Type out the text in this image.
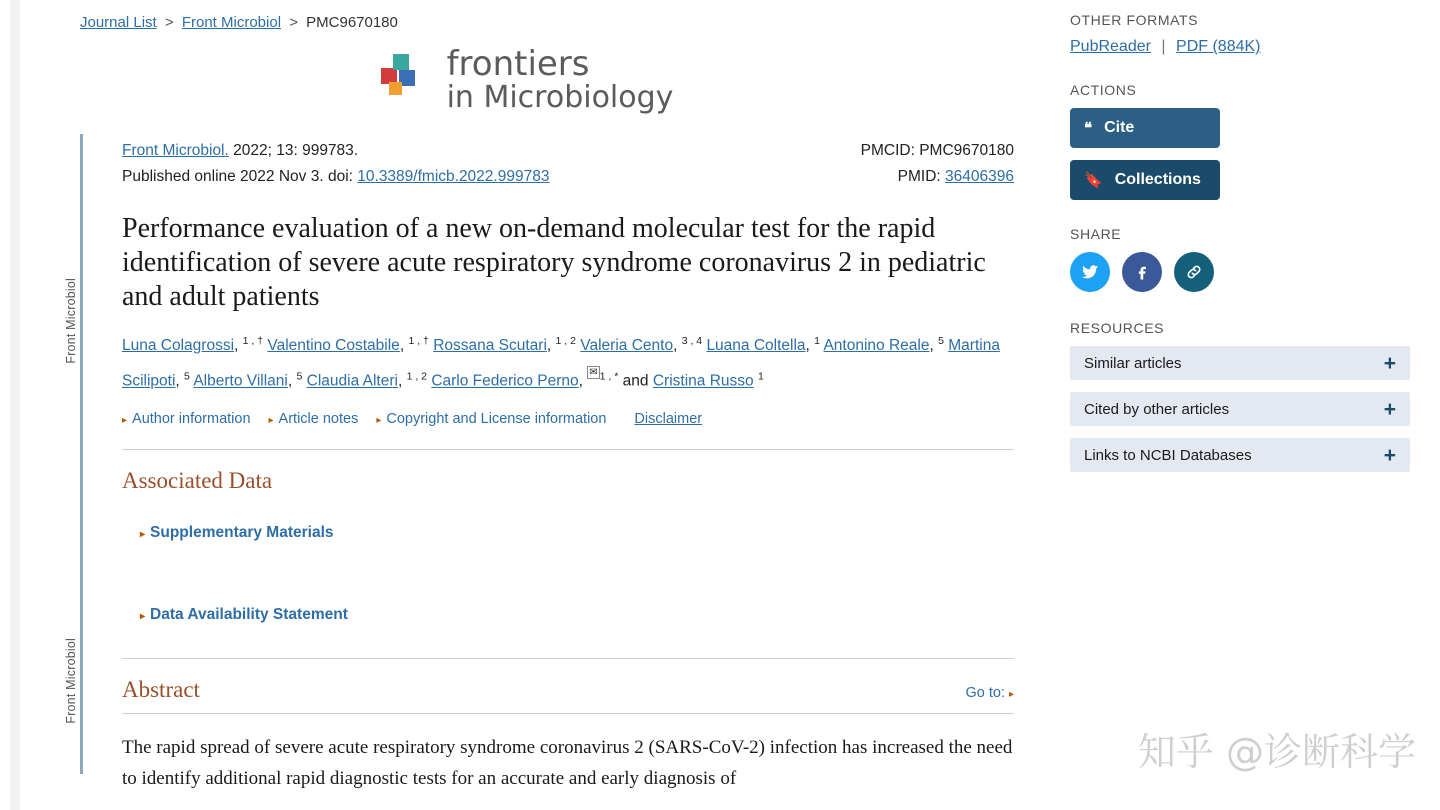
Journal List > Front Microbiol > PMC9670180
frontiers
in Microbiology
Front Microbiol
Front Microbiol
Front Microbiol. 2022; 13: 999783.	PMCID: PMC9670180
Published online 2022 Nov 3. doi: 10.3389/fmicb.2022.999783	PMID: 36406396
Performance evaluation of a new on-demand molecular test for the rapid identification of severe acute respiratory syndrome coronavirus 2 in pediatric and adult patients
Luna Colagrossi, $^{1 , \dagger}$ Valentino Costabile, $^{1 , \dagger}$ Rossana Scutari, $^{1 , 2}$ Valeria Cento, $^{3 , 4}$ Luana Coltella, $^1$ Antonino Reale, $^5$ Martina Scilipoti, $^5$ Alberto Villani, $^5$ Claudia Alteri, $^{1 , 2}$ Carlo Federico Perno, ✉ $^{1 , *}$ and Cristina Russo $^1$
▸ Author information ▸ Article notes ▸ Copyright and License information Disclaimer
Associated Data
▸ Supplementary Materials
▸ Data Availability Statement
Abstract	Go to: ▸

The rapid spread of severe acute respiratory syndrome coronavirus 2 (SARS-CoV-2) infection has increased the need to identify additional rapid diagnostic tests for an accurate and early diagnosis of

OTHER FORMATS
PubReader | PDF (884K)
ACTIONS
❝ Cite
🔖 Collections
SHARE
RESOURCES
Similar articles	+
Cited by other articles	+
Links to NCBI Databases	+
知乎 @诊断科学
